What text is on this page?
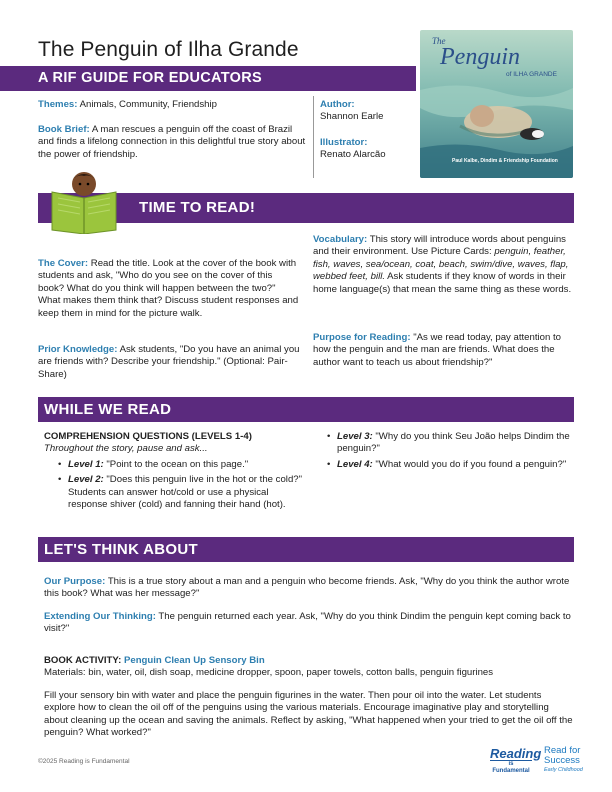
The Penguin of Ilha Grande
A RIF GUIDE FOR EDUCATORS
The
Penguin
of ILHA GRANDE
Paul Kalbe, Dindim & Friendship Foundation
Themes: Animals, Community, Friendship
Book Brief: A man rescues a penguin off the coast of Brazil and finds a lifelong connection in this delightful true story about the power of friendship.
Author:
Shannon Earle
Illustrator:
Renato Alarcão
TIME TO READ!
The Cover: Read the title. Look at the cover of the book with students and ask, "Who do you see on the cover of this book? What do you think will happen between the two?" What makes them think that? Discuss student responses and keep them in mind for the picture walk.
Prior Knowledge: Ask students, "Do you have an animal you are friends with? Describe your friendship." (Optional: Pair-Share)
Vocabulary: This story will introduce words about penguins and their environment. Use Picture Cards: penguin, feather, fish, waves, sea/ocean, coat, beach, swim/dive, waves, flap, webbed feet, bill. Ask students if they know of words in their home language(s) that mean the same thing as these words.
Purpose for Reading: "As we read today, pay attention to how the penguin and the man are friends. What does the author want to teach us about friendship?"
WHILE WE READ
COMPREHENSION QUESTIONS (LEVELS 1-4)
Throughout the story, pause and ask...
• Level 1: "Point to the ocean on this page."
• Level 2: "Does this penguin live in the hot or the cold?" Students can answer hot/cold or use a physical response shiver (cold) and fanning their hand (hot).
• Level 3: "Why do you think Seu João helps Dindim the penguin?"
• Level 4: "What would you do if you found a penguin?"
LET'S THINK ABOUT
Our Purpose: This is a true story about a man and a penguin who become friends. Ask, "Why do you think the author wrote this book? What was her message?"
Extending Our Thinking: The penguin returned each year. Ask, "Why do you think Dindim the penguin kept coming back to visit?"
BOOK ACTIVITY: Penguin Clean Up Sensory Bin
Materials: bin, water, oil, dish soap, medicine dropper, spoon, paper towels, cotton balls, penguin figurines
Fill your sensory bin with water and place the penguin figurines in the water. Then pour oil into the water. Let students explore how to clean the oil off of the penguins using the various materials. Encourage imaginative play and storytelling about cleaning up the ocean and saving the animals. Reflect by asking, "What happened when your tried to get the oil off the penguin? What worked?"
©2025 Reading is Fundamental
Reading
is Fundamental
Read for
Success
Early Childhood
